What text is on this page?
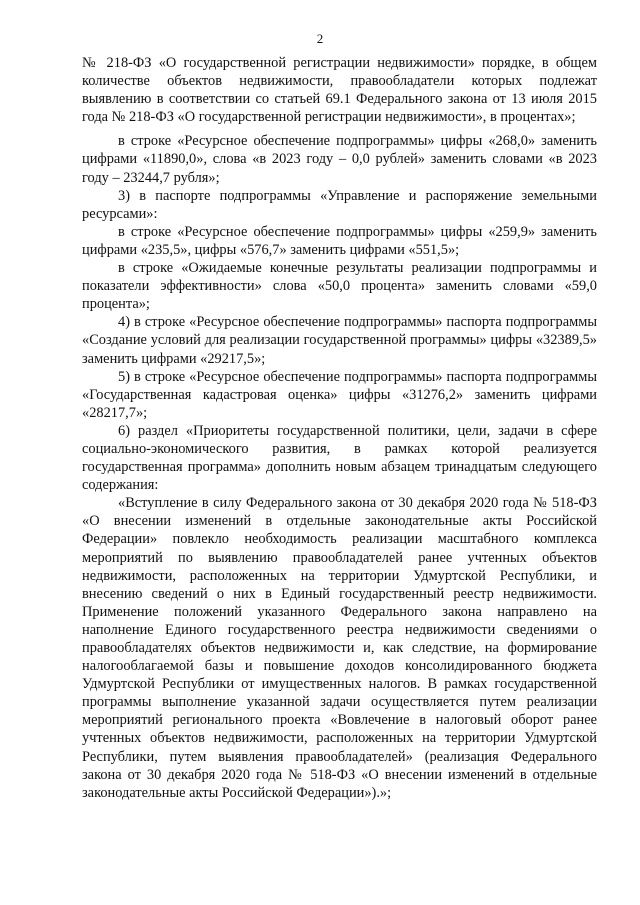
2

№ 218-ФЗ «О государственной регистрации недвижимости» порядке, в общем количестве объектов недвижимости, правообладатели которых подлежат выявлению в соответствии со статьей 69.1 Федерального закона от 13 июля 2015 года № 218-ФЗ «О государственной регистрации недвижимости», в процентах»;

в строке «Ресурсное обеспечение подпрограммы» цифры «268,0» заменить цифрами «11890,0», слова «в 2023 году – 0,0 рублей» заменить словами «в 2023 году – 23244,7 рубля»;

3) в паспорте подпрограммы «Управление и распоряжение земельными ресурсами»:

в строке «Ресурсное обеспечение подпрограммы» цифры «259,9» заменить цифрами «235,5», цифры «576,7» заменить цифрами «551,5»;

в строке «Ожидаемые конечные результаты реализации подпрограммы и показатели эффективности» слова «50,0 процента» заменить словами «59,0 процента»;

4) в строке «Ресурсное обеспечение подпрограммы» паспорта подпрограммы «Создание условий для реализации государственной программы» цифры «32389,5» заменить цифрами «29217,5»;

5) в строке «Ресурсное обеспечение подпрограммы» паспорта подпрограммы «Государственная кадастровая оценка» цифры «31276,2» заменить цифрами «28217,7»;

6) раздел «Приоритеты государственной политики, цели, задачи в сфере социально-экономического развития, в рамках которой реализуется государственная программа» дополнить новым абзацем тринадцатым следующего содержания:

«Вступление в силу Федерального закона от 30 декабря 2020 года № 518-ФЗ «О внесении изменений в отдельные законодательные акты Российской Федерации» повлекло необходимость реализации масштабного комплекса мероприятий по выявлению правообладателей ранее учтенных объектов недвижимости, расположенных на территории Удмуртской Республики, и внесению сведений о них в Единый государственный реестр недвижимости. Применение положений указанного Федерального закона направлено на наполнение Единого государственного реестра недвижимости сведениями о правообладателях объектов недвижимости и, как следствие, на формирование налогооблагаемой базы и повышение доходов консолидированного бюджета Удмуртской Республики от имущественных налогов. В рамках государственной программы выполнение указанной задачи осуществляется путем реализации мероприятий регионального проекта «Вовлечение в налоговый оборот ранее учтенных объектов недвижимости, расположенных на территории Удмуртской Республики, путем выявления правообладателей» (реализация Федерального закона от 30 декабря 2020 года № 518-ФЗ «О внесении изменений в отдельные законодательные акты Российской Федерации»).»;
